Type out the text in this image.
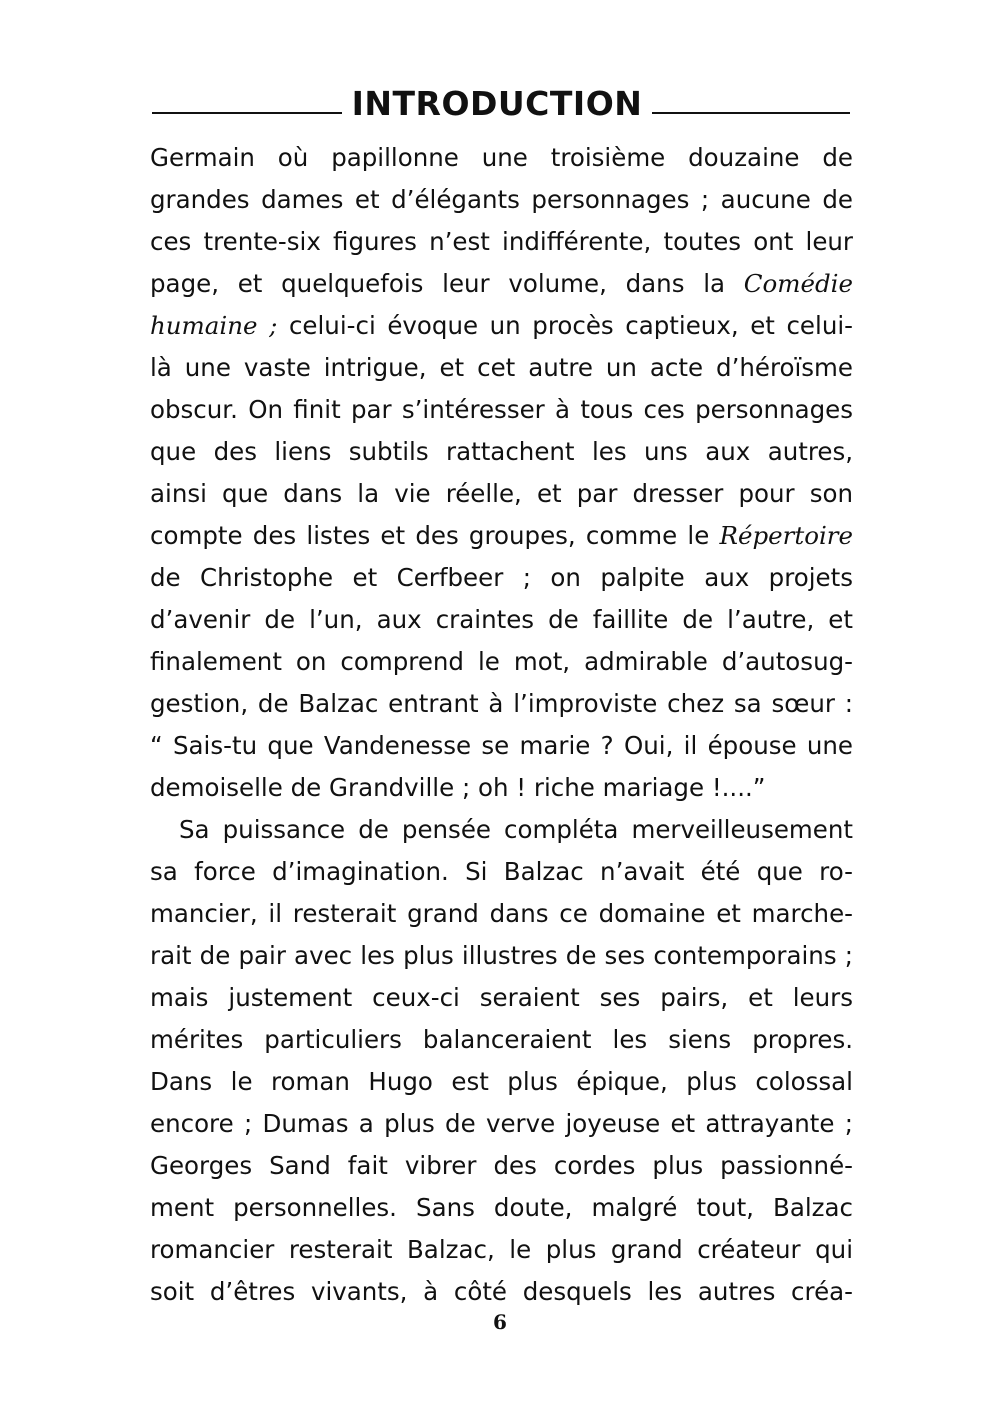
INTRODUCTION
Germain où papillonne une troisième douzaine de
grandes dames et d’élégants personnages ; aucune de
ces trente-six figures n’est indifférente, toutes ont leur
page, et quelquefois leur volume, dans la Comédie
humaine ; celui-ci évoque un procès captieux, et celui-
là une vaste intrigue, et cet autre un acte d’héroïsme
obscur. On finit par s’intéresser à tous ces personnages
que des liens subtils rattachent les uns aux autres,
ainsi que dans la vie réelle, et par dresser pour son
compte des listes et des groupes, comme le Répertoire
de Christophe et Cerfbeer ; on palpite aux projets
d’avenir de l’un, aux craintes de faillite de l’autre, et
finalement on comprend le mot, admirable d’autosug-
gestion, de Balzac entrant à l’improviste chez sa sœur :
“ Sais-tu que Vandenesse se marie ? Oui, il épouse une
demoiselle de Grandville ; oh ! riche mariage !....”
Sa puissance de pensée compléta merveilleusement
sa force d’imagination. Si Balzac n’avait été que ro-
mancier, il resterait grand dans ce domaine et marche-
rait de pair avec les plus illustres de ses contemporains ;
mais justement ceux-ci seraient ses pairs, et leurs
mérites particuliers balanceraient les siens propres.
Dans le roman Hugo est plus épique, plus colossal
encore ; Dumas a plus de verve joyeuse et attrayante ;
Georges Sand fait vibrer des cordes plus passionné-
ment personnelles. Sans doute, malgré tout, Balzac
romancier resterait Balzac, le plus grand créateur qui
soit d’êtres vivants, à côté desquels les autres créa-
6
